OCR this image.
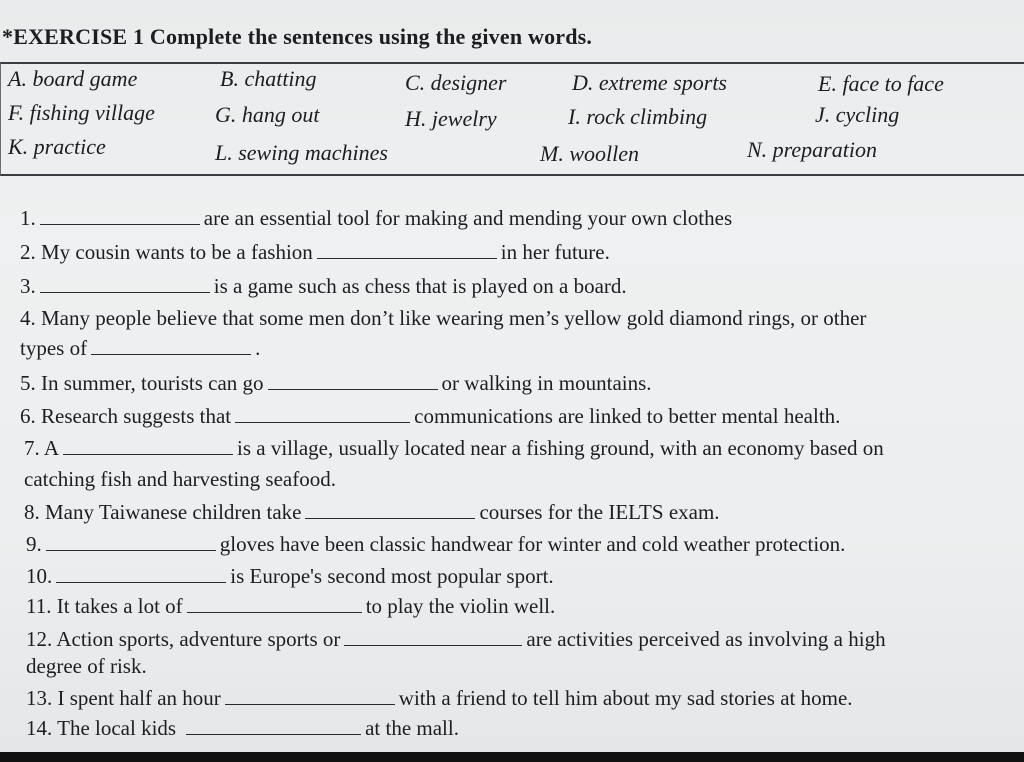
*EXERCISE 1 Complete the sentences using the given words.
A. board game	B. chatting	C. designer	D. extreme sports	E. face to face
F. fishing village	G. hang out	H. jewelry	I. rock climbing	J. cycling
K. practice	L. sewing machines	M. woollen	N. preparation
1.	are an essential tool for making and mending your own clothes
2. My cousin wants to be a fashion	in her future.
3.	is a game such as chess that is played on a board.
4. Many people believe that some men don’t like wearing men’s yellow gold diamond rings, or other
types of	.
5. In summer, tourists can go	or walking in mountains.
6. Research suggests that	communications are linked to better mental health.
7. A	is a village, usually located near a fishing ground, with an economy based on
catching fish and harvesting seafood.
8. Many Taiwanese children take	courses for the IELTS exam.
9.	gloves have been classic handwear for winter and cold weather protection.
10.	is Europe's second most popular sport.
11. It takes a lot of	to play the violin well.
12. Action sports, adventure sports or	are activities perceived as involving a high
degree of risk.
13. I spent half an hour	with a friend to tell him about my sad stories at home.
14. The local kids	at the mall.
